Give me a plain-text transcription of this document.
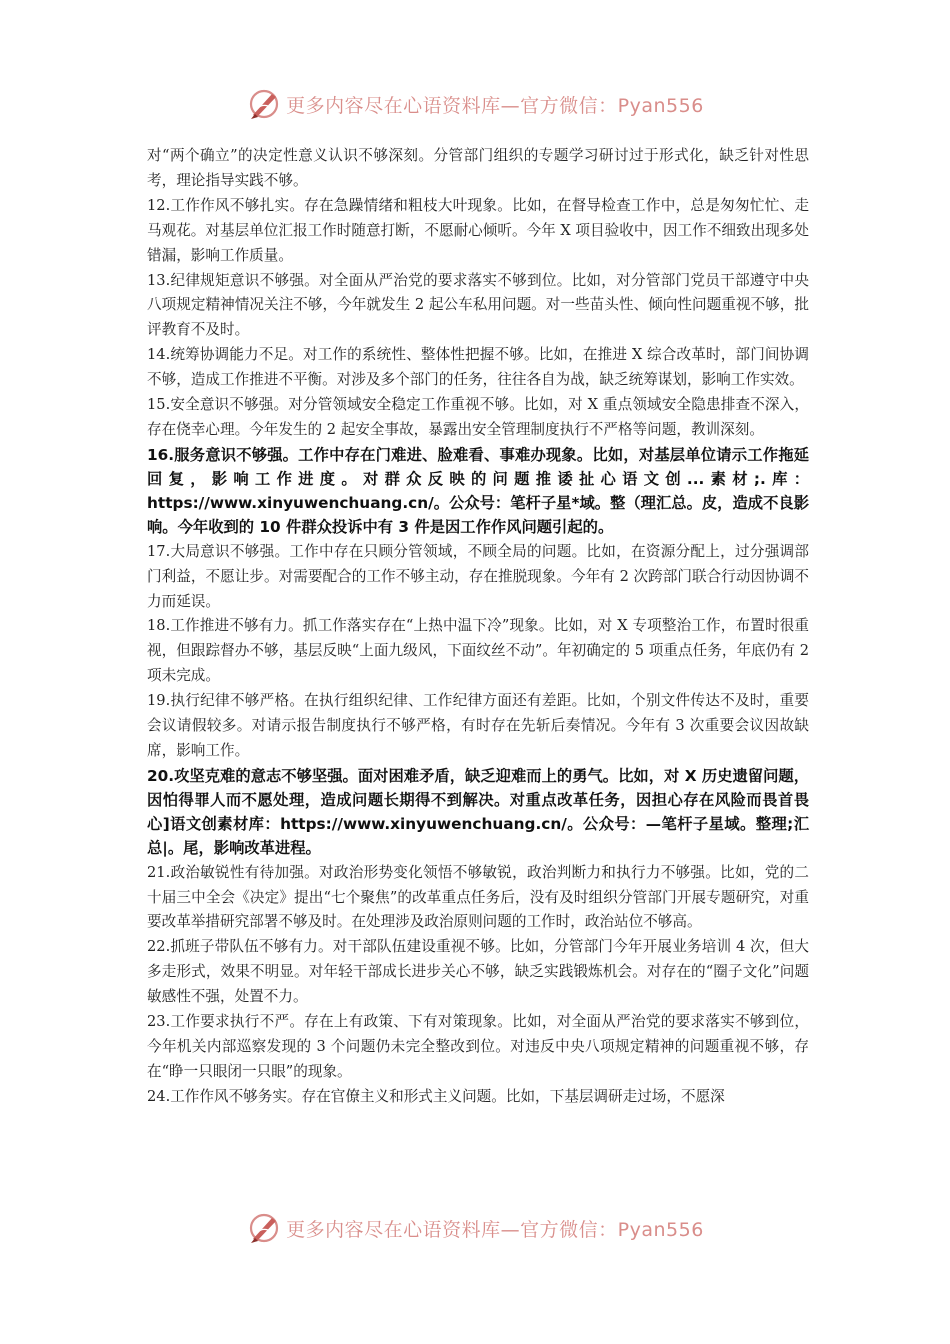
更多内容尽在心语资料库—官方微信：Pyan556

对“两个确立”的决定性意义认识不够深刻。分管部门组织的专题学习研讨过于形式化，缺乏针对性思考，理论指导实践不够。

12.工作作风不够扎实。存在急躁情绪和粗枝大叶现象。比如，在督导检查工作中，总是匆匆忙忙、走马观花。对基层单位汇报工作时随意打断，不愿耐心倾听。今年 X 项目验收中，因工作不细致出现多处错漏，影响工作质量。

13.纪律规矩意识不够强。对全面从严治党的要求落实不够到位。比如，对分管部门党员干部遵守中央八项规定精神情况关注不够，今年就发生 2 起公车私用问题。对一些苗头性、倾向性问题重视不够，批评教育不及时。

14.统筹协调能力不足。对工作的系统性、整体性把握不够。比如，在推进 X 综合改革时，部门间协调不够，造成工作推进不平衡。对涉及多个部门的任务，往往各自为战，缺乏统筹谋划，影响工作实效。

15.安全意识不够强。对分管领域安全稳定工作重视不够。比如，对 X 重点领域安全隐患排查不深入，存在侥幸心理。今年发生的 2 起安全事故，暴露出安全管理制度执行不严格等问题，教训深刻。

16.服务意识不够强。工作中存在门难进、脸难看、事难办现象。比如，对基层单位请示工作拖延回复，影响工作进度。对群众反映的问题推诿扯心语文创...素材;.库：https://www.xinyuwenchuang.cn/。公众号：笔杆子星*域。整（理汇总。皮，造成不良影响。今年收到的 10 件群众投诉中有 3 件是因工作作风问题引起的。

17.大局意识不够强。工作中存在只顾分管领域，不顾全局的问题。比如，在资源分配上，过分强调部门利益，不愿让步。对需要配合的工作不够主动，存在推脱现象。今年有 2 次跨部门联合行动因协调不力而延误。

18.工作推进不够有力。抓工作落实存在“上热中温下冷”现象。比如，对 X 专项整治工作，布置时很重视，但跟踪督办不够，基层反映“上面九级风，下面纹丝不动”。年初确定的 5 项重点任务，年底仍有 2 项未完成。

19.执行纪律不够严格。在执行组织纪律、工作纪律方面还有差距。比如，个别文件传达不及时，重要会议请假较多。对请示报告制度执行不够严格，有时存在先斩后奏情况。今年有 3 次重要会议因故缺席，影响工作。

20.攻坚克难的意志不够坚强。面对困难矛盾，缺乏迎难而上的勇气。比如，对 X 历史遗留问题，因怕得罪人而不愿处理，造成问题长期得不到解决。对重点改革任务，因担心存在风险而畏首畏心]语文创素材库：https://www.xinyuwenchuang.cn/。公众号：—笔杆子星域。整理;汇总|。尾，影响改革进程。

21.政治敏锐性有待加强。对政治形势变化领悟不够敏锐，政治判断力和执行力不够强。比如，党的二十届三中全会《决定》提出“七个聚焦”的改革重点任务后，没有及时组织分管部门开展专题研究，对重要改革举措研究部署不够及时。在处理涉及政治原则问题的工作时，政治站位不够高。

22.抓班子带队伍不够有力。对干部队伍建设重视不够。比如，分管部门今年开展业务培训 4 次，但大多走形式，效果不明显。对年轻干部成长进步关心不够，缺乏实践锻炼机会。对存在的“圈子文化”问题敏感性不强，处置不力。

23.工作要求执行不严。存在上有政策、下有对策现象。比如，对全面从严治党的要求落实不够到位，今年机关内部巡察发现的 3 个问题仍未完全整改到位。对违反中央八项规定精神的问题重视不够，存在“睁一只眼闭一只眼”的现象。

24.工作作风不够务实。存在官僚主义和形式主义问题。比如，下基层调研走过场，不愿深

更多内容尽在心语资料库—官方微信：Pyan556
